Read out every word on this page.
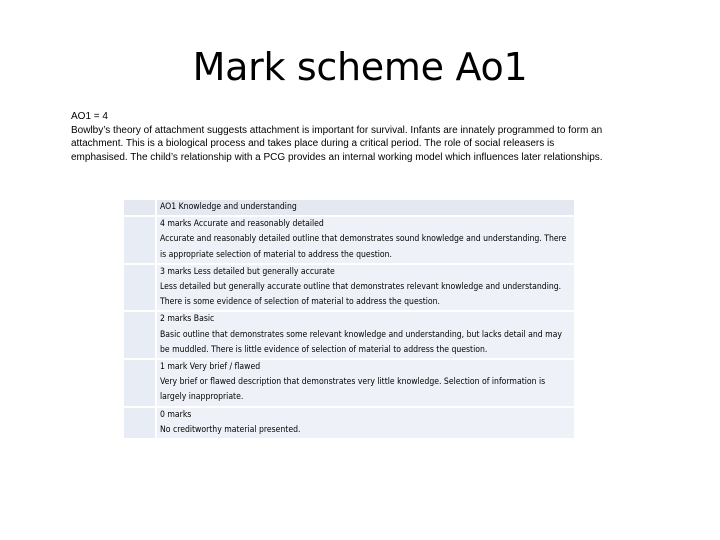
Mark scheme Ao1
AO1 = 4
Bowlby’s theory of attachment suggests attachment is important for survival. Infants are innately programmed to form an attachment. This is a biological process and takes place during a critical period. The role of social releasers is emphasised. The child’s relationship with a PCG provides an internal working model which influences later relationships.

	AO1 Knowledge and understanding

	4 marks Accurate and reasonably detailed
Accurate and reasonably detailed outline that demonstrates sound knowledge and understanding. There is appropriate selection of material to address the question.

	3 marks Less detailed but generally accurate
Less detailed but generally accurate outline that demonstrates relevant knowledge and understanding. There is some evidence of selection of material to address the question.

	2 marks Basic
Basic outline that demonstrates some relevant knowledge and understanding, but lacks detail and may be muddled. There is little evidence of selection of material to address the question.

	1 mark Very brief / flawed
Very brief or flawed description that demonstrates very little knowledge. Selection of information is largely inappropriate.

	0 marks
No creditworthy material presented.
